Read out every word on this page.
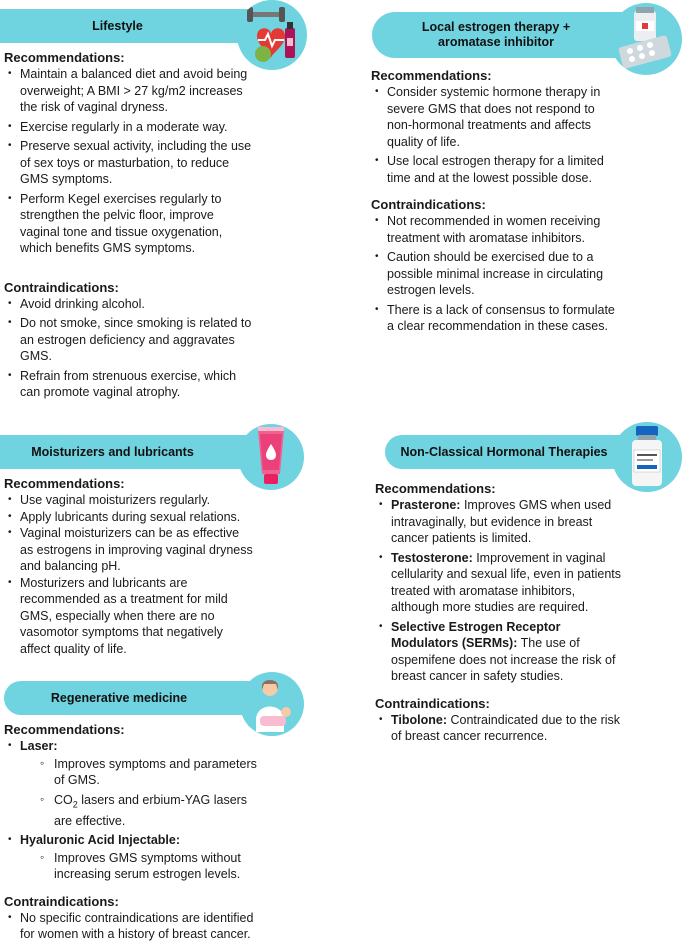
Lifestyle
Recommendations:
• Maintain a balanced diet and avoid being overweight; A BMI > 27 kg/m2 increases the risk of vaginal dryness.
• Exercise regularly in a moderate way.
• Preserve sexual activity, including the use of sex toys or masturbation, to reduce GMS symptoms.
• Perform Kegel exercises regularly to strengthen the pelvic floor, improve vaginal tone and tissue oxygenation, which benefits GMS symptoms.
Contraindications:
• Avoid drinking alcohol.
• Do not smoke, since smoking is related to an estrogen deficiency and aggravates GMS.
• Refrain from strenuous exercise, which can promote vaginal atrophy.
Local estrogen therapy + aromatase inhibitor
Recommendations:
• Consider systemic hormone therapy in severe GMS that does not respond to non-hormonal treatments and affects quality of life.
• Use local estrogen therapy for a limited time and at the lowest possible dose.
Contraindications:
• Not recommended in women receiving treatment with aromatase inhibitors.
• Caution should be exercised due to a possible minimal increase in circulating estrogen levels.
• There is a lack of consensus to formulate a clear recommendation in these cases.
Moisturizers and lubricants
Recommendations:
• Use vaginal moisturizers regularly.
• Apply lubricants during sexual relations.
• Vaginal moisturizers can be as effective as estrogens in improving vaginal dryness and balancing pH.
• Mosturizers and lubricants are recommended as a treatment for mild GMS, especially when there are no vasomotor symptoms that negatively affect quality of life.
Non-Classical Hormonal Therapies
Recommendations:
• Prasterone: Improves GMS when used intravaginally, but evidence in breast cancer patients is limited.
• Testosterone: Improvement in vaginal cellularity and sexual life, even in patients treated with aromatase inhibitors, although more studies are required.
• Selective Estrogen Receptor Modulators (SERMs): The use of ospemifene does not increase the risk of breast cancer in safety studies.
Contraindications:
• Tibolone: Contraindicated due to the risk of breast cancer recurrence.
Regenerative medicine
Recommendations:
• Laser:
◦ Improves symptoms and parameters of GMS.
◦ $CO_2$ lasers and erbium-YAG lasers are effective.
• Hyaluronic Acid Injectable:
◦ Improves GMS symptoms without increasing serum estrogen levels.
Contraindications:
• No specific contraindications are identified for women with a history of breast cancer.
